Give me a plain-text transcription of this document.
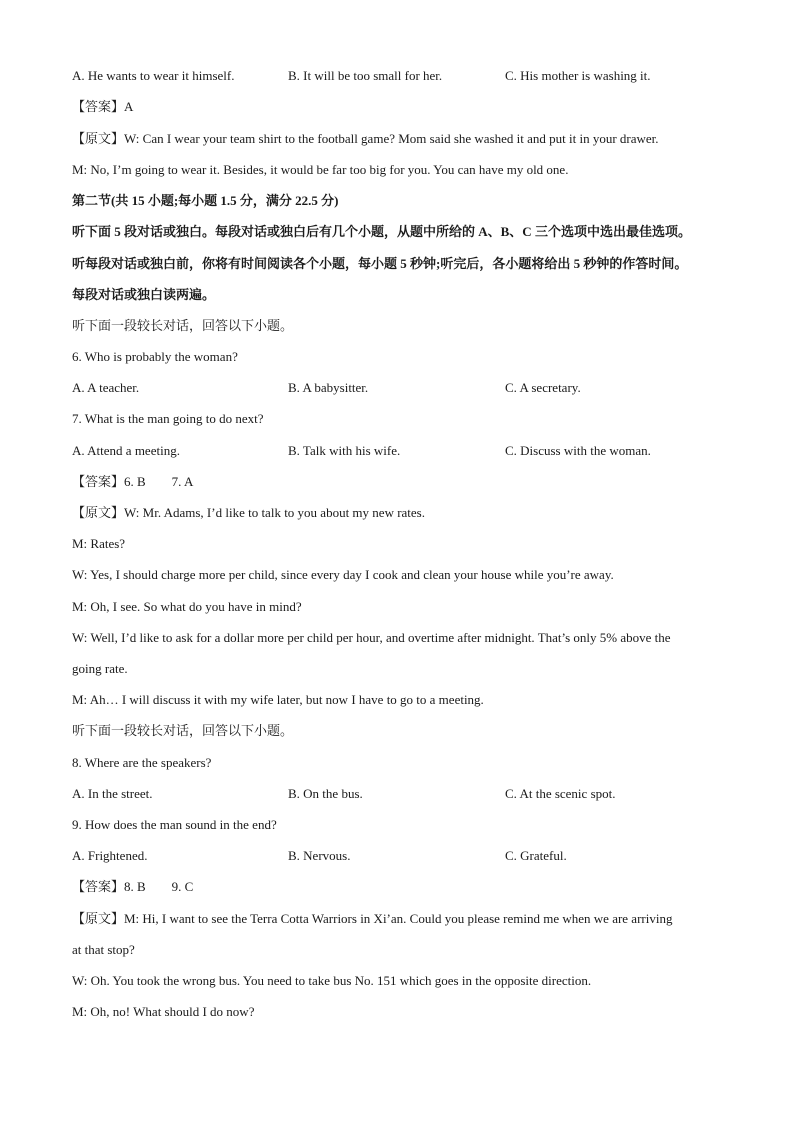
A. He wants to wear it himself.	B. It will be too small for her.	C. His mother is washing it.
【答案】A
【原文】W: Can I wear your team shirt to the football game? Mom said she washed it and put it in your drawer.
M: No, I’m going to wear it. Besides, it would be far too big for you. You can have my old one.
第二节(共 15 小题;每小题 1.5 分，满分 22.5 分)
听下面 5 段对话或独白。每段对话或独白后有几个小题，从题中所给的 A、B、C 三个选项中选出最佳选项。
听每段对话或独白前，你将有时间阅读各个小题，每小题 5 秒钟;听完后，各小题将给出 5 秒钟的作答时间。
每段对话或独白读两遍。
听下面一段较长对话，回答以下小题。
6. Who is probably the woman?
A. A teacher.	B. A babysitter.	C. A secretary.
7. What is the man going to do next?
A. Attend a meeting.	B. Talk with his wife.	C. Discuss with the woman.
【答案】6. B 7. A
【原文】W: Mr. Adams, I’d like to talk to you about my new rates.
M: Rates?
W: Yes, I should charge more per child, since every day I cook and clean your house while you’re away.
M: Oh, I see. So what do you have in mind?
W: Well, I’d like to ask for a dollar more per child per hour, and overtime after midnight. That’s only 5% above the
going rate.
M: Ah… I will discuss it with my wife later, but now I have to go to a meeting.
听下面一段较长对话，回答以下小题。
8. Where are the speakers?
A. In the street.	B. On the bus.	C. At the scenic spot.
9. How does the man sound in the end?
A. Frightened.	B. Nervous.	C. Grateful.
【答案】8. B 9. C
【原文】M: Hi, I want to see the Terra Cotta Warriors in Xi’an. Could you please remind me when we are arriving
at that stop?
W: Oh. You took the wrong bus. You need to take bus No. 151 which goes in the opposite direction.
M: Oh, no! What should I do now?
